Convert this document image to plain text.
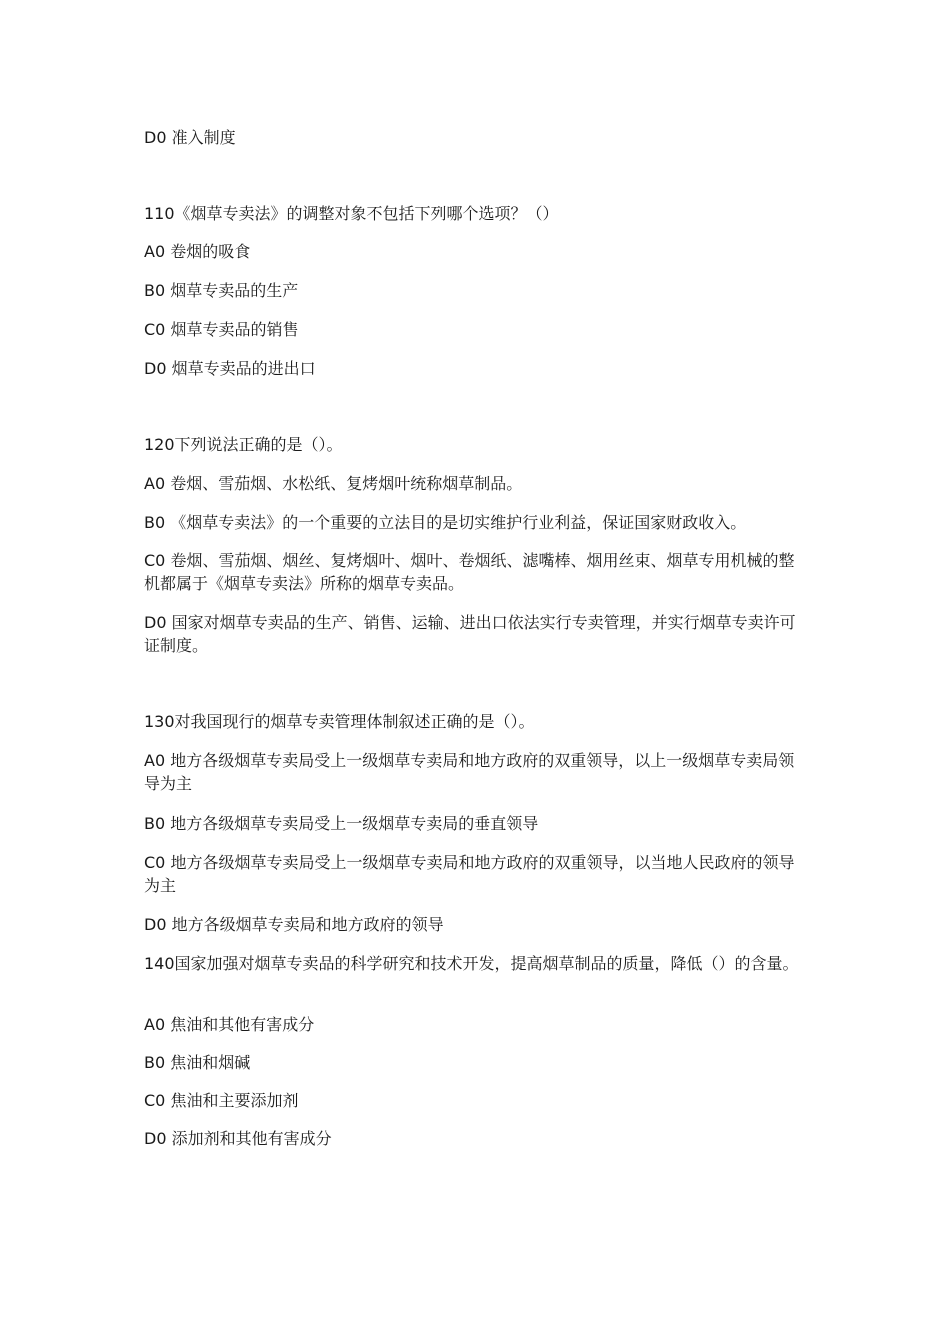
D0 准入制度
110《烟草专卖法》的调整对象不包括下列哪个选项？（）
A0 卷烟的吸食
B0 烟草专卖品的生产
C0 烟草专卖品的销售
D0 烟草专卖品的进出口
120下列说法正确的是（）。
A0 卷烟、雪茄烟、水松纸、复烤烟叶统称烟草制品。
B0 《烟草专卖法》的一个重要的立法目的是切实维护行业利益，保证国家财政收入。
C0 卷烟、雪茄烟、烟丝、复烤烟叶、烟叶、卷烟纸、滤嘴棒、烟用丝束、烟草专用机械的整机都属于《烟草专卖法》所称的烟草专卖品。
D0 国家对烟草专卖品的生产、销售、运输、进出口依法实行专卖管理，并实行烟草专卖许可证制度。
130对我国现行的烟草专卖管理体制叙述正确的是（）。
A0 地方各级烟草专卖局受上一级烟草专卖局和地方政府的双重领导，以上一级烟草专卖局领导为主
B0 地方各级烟草专卖局受上一级烟草专卖局的垂直领导
C0 地方各级烟草专卖局受上一级烟草专卖局和地方政府的双重领导，以当地人民政府的领导为主
D0 地方各级烟草专卖局和地方政府的领导
140国家加强对烟草专卖品的科学研究和技术开发，提高烟草制品的质量，降低（）的含量。
A0 焦油和其他有害成分
B0 焦油和烟碱
C0 焦油和主要添加剂
D0 添加剂和其他有害成分
